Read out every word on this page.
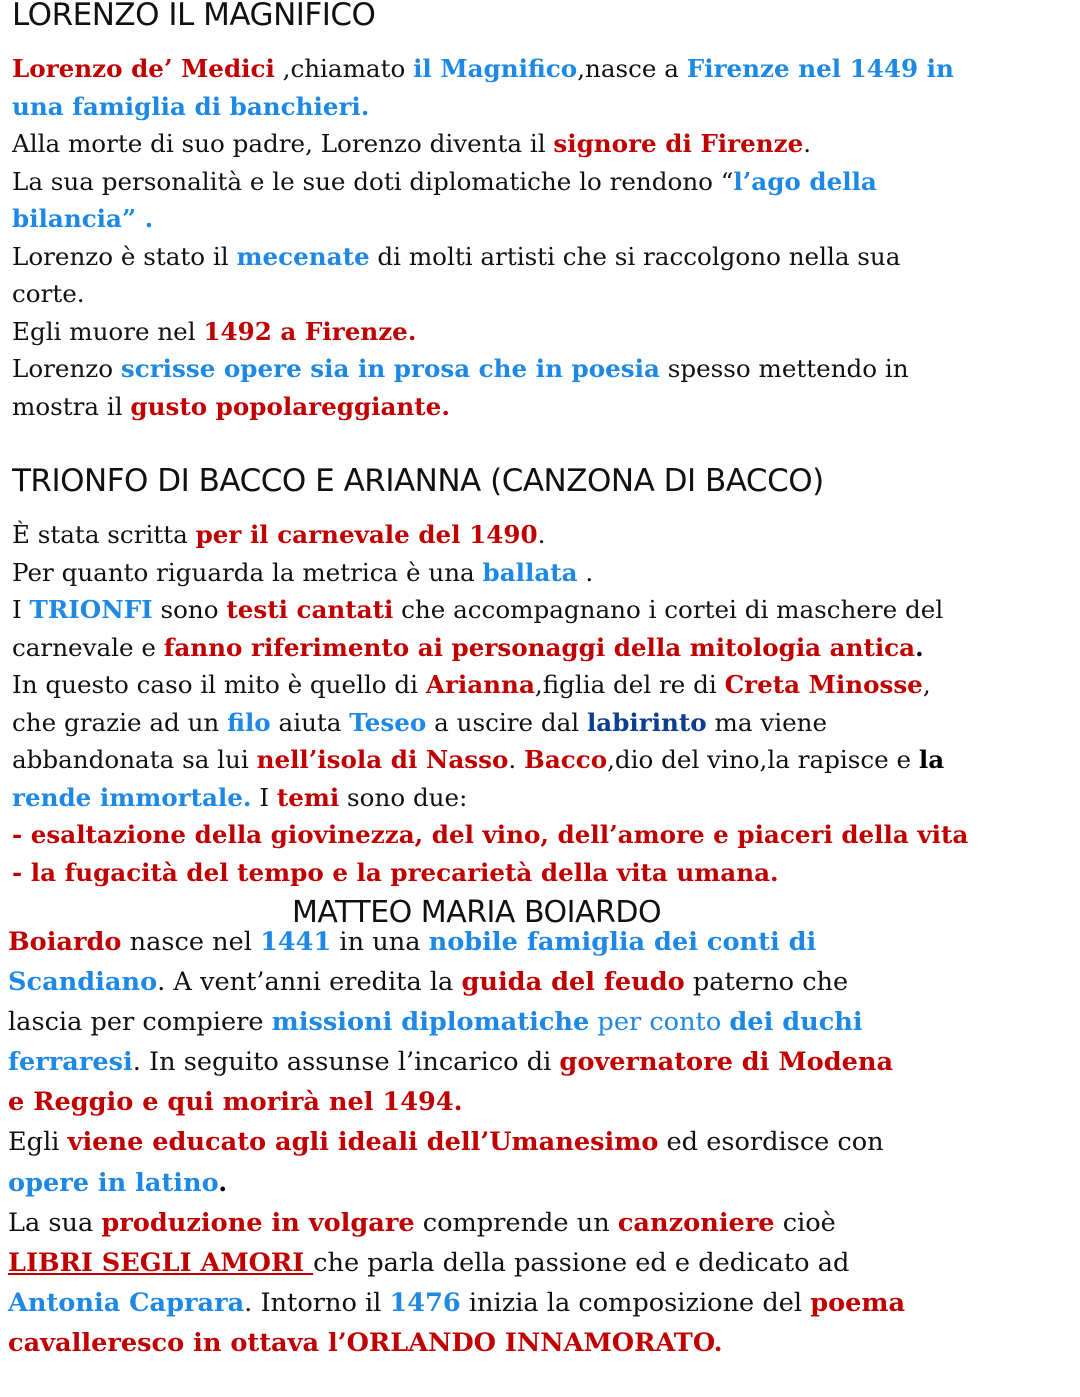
LORENZO IL MAGNIFICO
Lorenzo de’ Medici ,chiamato il Magnifico,nasce a Firenze nel 1449 in
una famiglia di banchieri.
Alla morte di suo padre, Lorenzo diventa il signore di Firenze.
La sua personalità e le sue doti diplomatiche lo rendono “l’ago della
bilancia” .
Lorenzo è stato il mecenate di molti artisti che si raccolgono nella sua
corte.
Egli muore nel 1492 a Firenze.
Lorenzo scrisse opere sia in prosa che in poesia spesso mettendo in
mostra il gusto popolareggiante.
TRIONFO DI BACCO E ARIANNA (CANZONA DI BACCO)
È stata scritta per il carnevale del 1490.
Per quanto riguarda la metrica è una ballata .
I TRIONFI sono testi cantati che accompagnano i cortei di maschere del
carnevale e fanno riferimento ai personaggi della mitologia antica.
In questo caso il mito è quello di Arianna,figlia del re di Creta Minosse,
che grazie ad un filo aiuta Teseo a uscire dal labirinto ma viene
abbandonata sa lui nell’isola di Nasso. Bacco,dio del vino,la rapisce e la
rende immortale. I temi sono due:
- esaltazione della giovinezza, del vino, dell’amore e piaceri della vita
- la fugacità del tempo e la precarietà della vita umana.
MATTEO MARIA BOIARDO
Boiardo nasce nel 1441 in una nobile famiglia dei conti di
Scandiano. A vent’anni eredita la guida del feudo paterno che
lascia per compiere missioni diplomatiche per conto dei duchi
ferraresi. In seguito assunse l’incarico di governatore di Modena
e Reggio e qui morirà nel 1494.
Egli viene educato agli ideali dell’Umanesimo ed esordisce con
opere in latino.
La sua produzione in volgare comprende un canzoniere cioè
LIBRI SEGLI AMORI che parla della passione ed e dedicato ad
Antonia Caprara. Intorno il 1476 inizia la composizione del poema
cavalleresco in ottava l’ORLANDO INNAMORATO.
